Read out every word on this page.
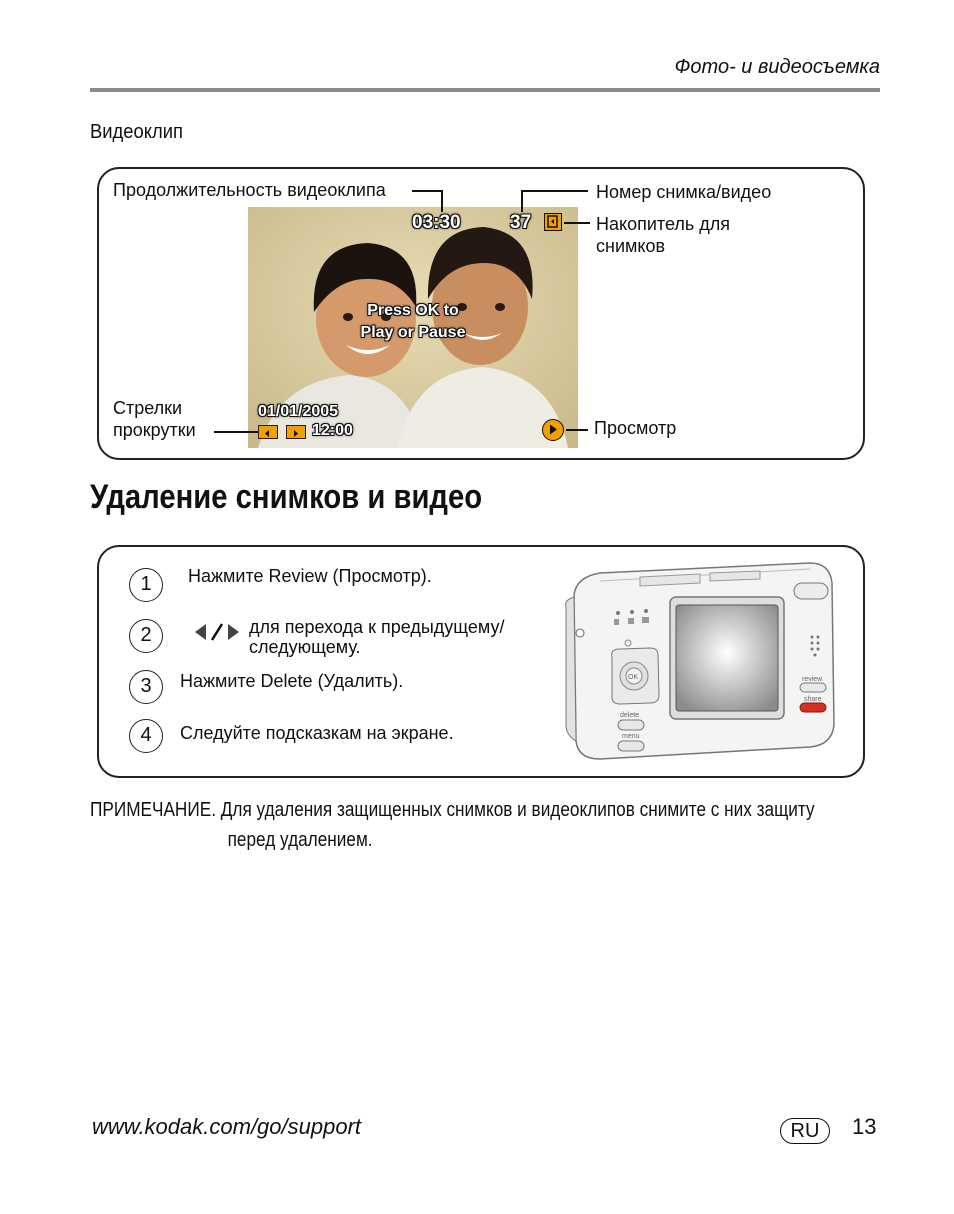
Фото- и видеосъемка
Видеоклип
03:30	37
Press OK to
Play or Pause
01/01/2005
12:00
Продолжительность видеоклипа	Номер снимка/видео
Накопитель для
снимков
Стрелки
прокрутки	Просмотр
Удаление снимков и видео
1	Нажмите Review (Просмотр).
2	для перехода к предыдущему/
следующему.
3	Нажмите Delete (Удалить).
4	Следуйте подсказкам на экране.
OK
delete
menu
review
share
ПРИМЕЧАНИЕ. Для удаления защищенных снимков и видеоклипов снимите с них защиту
перед удалением.
www.kodak.com/go/support	RU	13
